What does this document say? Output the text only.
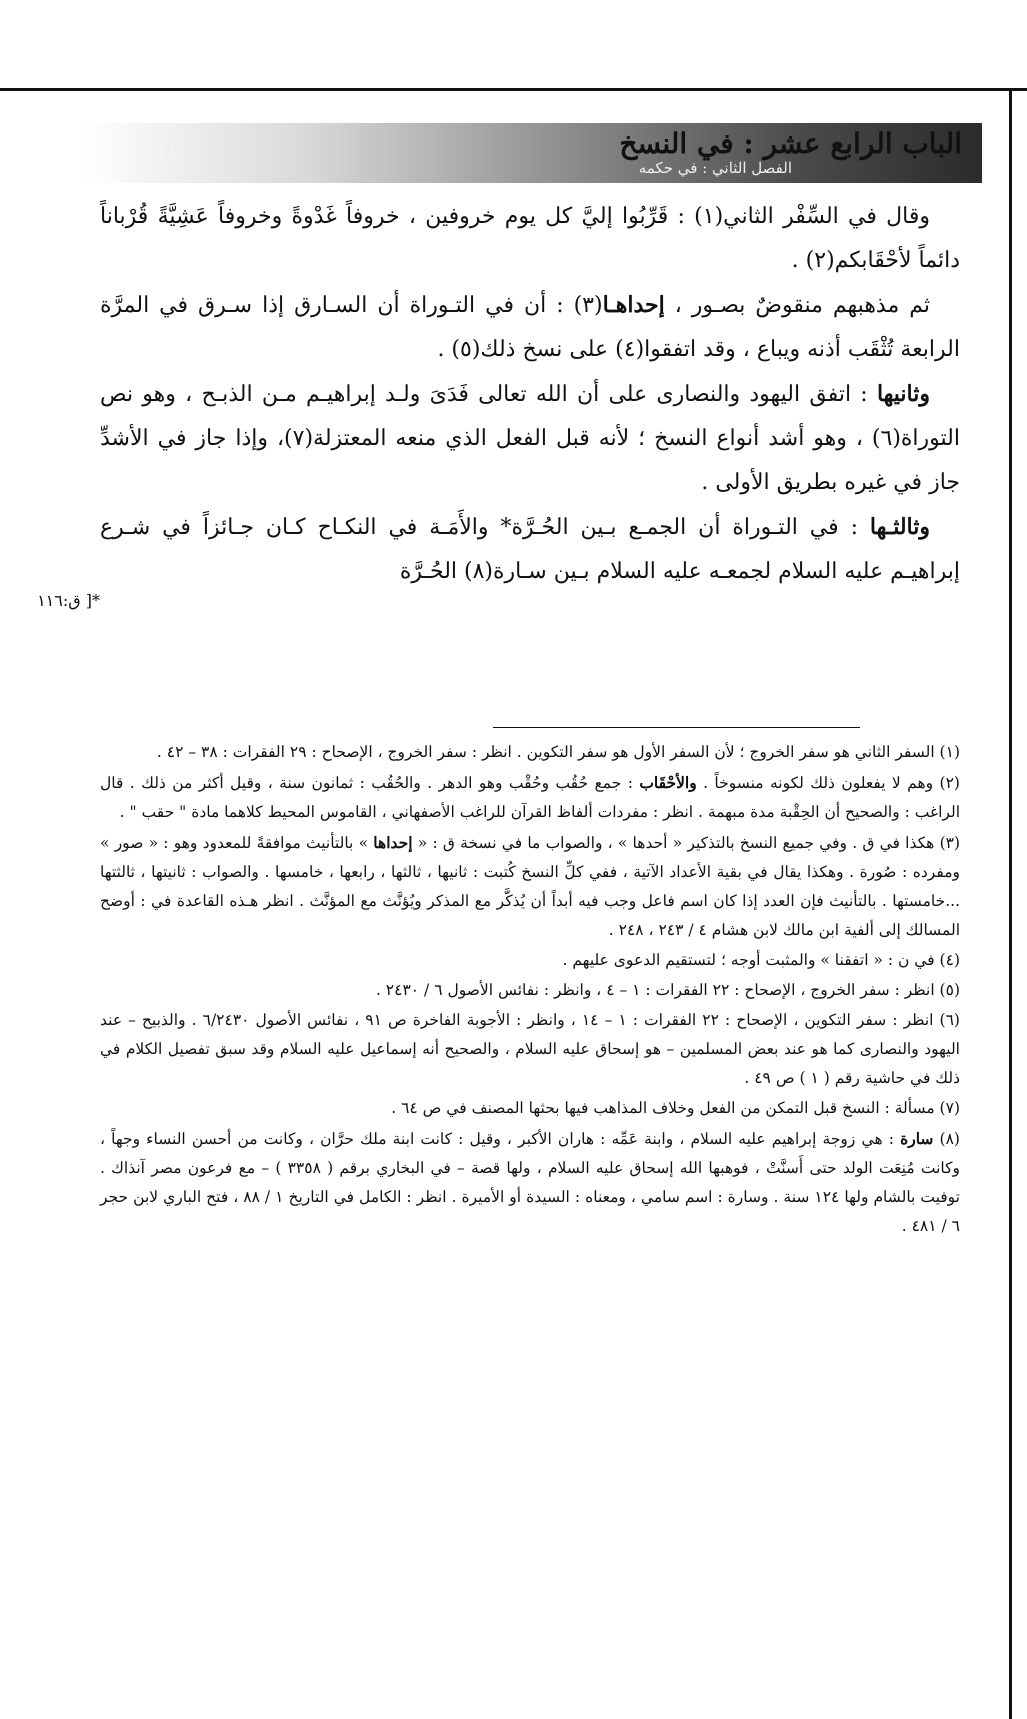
الباب الرابع عشر : في النسخ
الفصل الثاني : في حكمه
٥٨
*[ ق:١١٦

وقال في السِّفْر الثاني(١) : قَرِّبُوا إليَّ كل يوم خروفين ، خروفاً غَدْوةً وخروفاً عَشِيَّةً قُرْباناً دائماً لأحْقَابكم(٢) .

ثم مذهبهم منقوضٌ بصـور ، إحداهـا(٣) : أن في التـوراة أن السـارق إذا سـرق في المرَّة الرابعة تُثْقَب أذنه ويباع ، وقد اتفقوا(٤) على نسخ ذلك(٥) .

وثانيها : اتفق اليهود والنصارى على أن الله تعالى فَدَىَ ولـد إبراهيـم مـن الذبـح ، وهو نص التوراة(٦) ، وهو أشد أنواع النسخ ؛ لأنه قبل الفعل الذي منعه المعتزلة(٧)، وإذا جاز في الأشدِّ جاز في غيره بطريق الأولى .

وثالثـها : في التـوراة أن الجمـع بـين الحُـرَّة* والأَمَـة في النكـاح كـان جـائزاً في شـرع إبراهيـم عليه السلام لجمعـه عليه السلام بـين سـارة(٨) الحُـرَّة

(١) السفر الثاني هو سفر الخروج ؛ لأن السفر الأول هو سفر التكوين . انظر : سفر الخروج ، الإصحاح : ٢٩ الفقرات : ٣٨ – ٤٢ .

(٢) وهم لا يفعلون ذلك لكونه منسوخاً . والأحْقَاب : جمع حُقُب وحُقْب وهو الدهر . والحُقُب : ثمانون سنة ، وقيل أكثر من ذلك . قال الراغب : والصحيح أن الحِقْبة مدة مبهمة . انظر : مفردات ألفاظ القرآن للراغب الأصفهاني ، القاموس المحيط كلاهما مادة " حقب " .

(٣) هكذا في ق . وفي جميع النسخ بالتذكير « أحدها » ، والصواب ما في نسخة ق : « إحداها » بالتأنيث موافقةً للمعدود وهو : « صور » ومفرده : صُورة . وهكذا يقال في بقية الأعداد الآتية ، ففي كلِّ النسخ كُتبت : ثانيها ، ثالثها ، رابعها ، خامسها . والصواب : ثانيتها ، ثالثتها ...خامستها . بالتأنيث فإن العدد إذا كان اسم فاعل وجب فيه أبداً أن يُذكَّر مع المذكر ويُؤنَّث مع المؤنَّث . انظر هـذه القاعدة في : أوضح المسالك إلى ألفية ابن مالك لابن هشام ٤ / ٢٤٣ ، ٢٤٨ .

(٤) في ن : « اتفقنا » والمثبت أوجه ؛ لتستقيم الدعوى عليهم .

(٥) انظر : سفر الخروج ، الإصحاح : ٢٢ الفقرات : ١ – ٤ ، وانظر : نفائس الأصول ٦ / ٢٤٣٠ .

(٦) انظر : سفر التكوين ، الإصحاح : ٢٢ الفقرات : ١ – ١٤ ، وانظر : الأجوبة الفاخرة ص ٩١ ، نفائس الأصول ٦/٢٤٣٠ . والذبيح – عند اليهود والنصارى كما هو عند بعض المسلمين – هو إسحاق عليه السلام ، والصحيح أنه إسماعيل عليه السلام وقد سبق تفصيل الكلام في ذلك في حاشية رقم ( ١ ) ص ٤٩ .

(٧) مسألة : النسخ قبل التمكن من الفعل وخلاف المذاهب فيها بحثها المصنف في ص ٦٤ .

(٨) سارة : هي زوجة إبراهيم عليه السلام ، وابنة عَمِّه : هاران الأكبر ، وقيل : كانت ابنة ملك حرَّان ، وكانت من أحسن النساء وجهاً ، وكانت مُنِعَت الولد حتى أَسنَّتْ ، فوهبها الله إسحاق عليه السلام ، ولها قصة – في البخاري برقم ( ٣٣٥٨ ) – مع فرعون مصر آنذاك . توفيت بالشام ولها ١٢٤ سنة . وسارة : اسم سامي ، ومعناه : السيدة أو الأميرة . انظر : الكامل في التاريخ ١ / ٨٨ ، فتح الباري لابن حجر ٦ / ٤٨١ .
